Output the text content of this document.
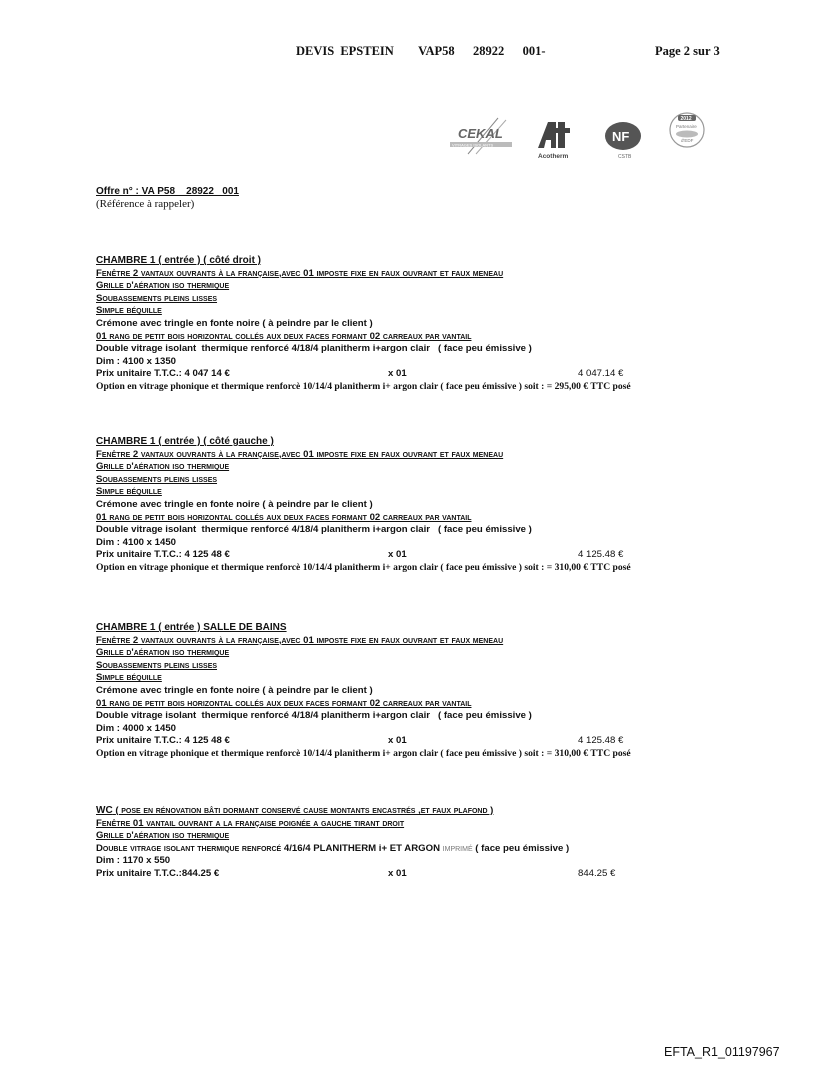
DEVIS EPSTEIN    VAP58   28922   001-	Page 2 sur 3
CEKAL
VITRAGES ISOLANTS
Acotherm
NF
CSTB
2012
Partenaire
d'EDF
Offre n° : VA P58    28922   001
(Référence à rappeler)
CHAMBRE 1 ( entrée ) ( côté droit )
Fenêtre 2 vantaux ouvrants à la française,avec 01 imposte fixe en faux ouvrant et faux meneau
Grille d'aération iso thermique
Soubassements pleins lisses
Simple béquille
Crémone avec tringle en fonte noire ( à peindre par le client )
01 rang de petit bois horizontal collés aux deux faces formant 02 carreaux par vantail
Double vitrage isolant  thermique renforcé 4/18/4 planitherm i+argon clair   ( face peu émissive )
Dim : 4100 x 1350
Prix unitaire T.T.C.: 4 047 14 €	x 01	4 047.14 €
Option en vitrage phonique et thermique renforcè 10/14/4 planitherm i+ argon clair ( face peu émissive ) soit : = 295,00 € TTC posé
CHAMBRE 1 ( entrée ) ( côté gauche )
Fenêtre 2 vantaux ouvrants à la française,avec 01 imposte fixe en faux ouvrant et faux meneau
Grille d'aération iso thermique
Soubassements pleins lisses
Simple béquille
Crémone avec tringle en fonte noire ( à peindre par le client )
01 rang de petit bois horizontal collés aux deux faces formant 02 carreaux par vantail
Double vitrage isolant  thermique renforcé 4/18/4 planitherm i+argon clair   ( face peu émissive )
Dim : 4100 x 1450
Prix unitaire T.T.C.: 4 125 48 €	x 01	4 125.48 €
Option en vitrage phonique et thermique renforcè 10/14/4 planitherm i+ argon clair ( face peu émissive ) soit : = 310,00 € TTC posé
CHAMBRE 1 ( entrée ) SALLE DE BAINS
Fenêtre 2 vantaux ouvrants à la française,avec 01 imposte fixe en faux ouvrant et faux meneau
Grille d'aération iso thermique
Soubassements pleins lisses
Simple béquille
Crémone avec tringle en fonte noire ( à peindre par le client )
01 rang de petit bois horizontal collés aux deux faces formant 02 carreaux par vantail
Double vitrage isolant  thermique renforcé 4/18/4 planitherm i+argon clair   ( face peu émissive )
Dim : 4000 x 1450
Prix unitaire T.T.C.: 4 125 48 €	x 01	4 125.48 €
Option en vitrage phonique et thermique renforcè 10/14/4 planitherm i+ argon clair ( face peu émissive ) soit : = 310,00 € TTC posé
WC ( pose en rénovation bâti dormant conservé cause montants encastrés ,et faux plafond )
Fenêtre 01 vantail ouvrant a la française poignée a gauche tirant droit
Grille d'aération iso thermique
Double vitrage isolant thermique renforcé 4/16/4 PLANITHERM i+ ET ARGON imprimé ( face peu émissive )
Dim : 1170 x 550
Prix unitaire T.T.C.:844.25 €	x 01	844.25 €
EFTA_R1_01197967
